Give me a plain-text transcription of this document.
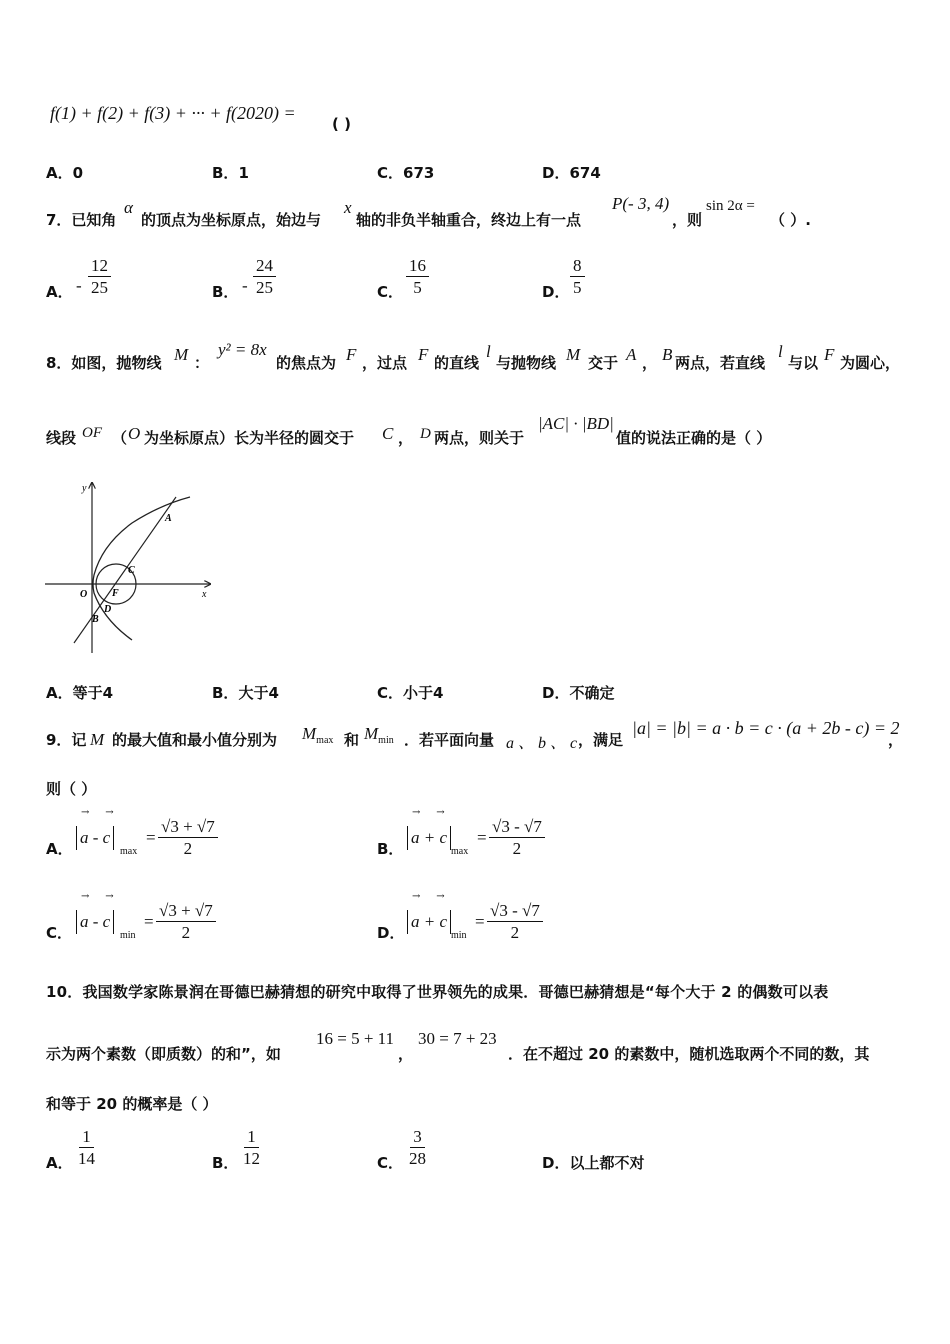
f(1) + f(2) + f(3) + ··· + f(2020) =
( )
A．0	B．1	C．673	D．674
7．已知角
α
的顶点为坐标原点，始边与
x
轴的非负半轴重合，终边上有一点
P(- 3, 4)
，则
sin 2α =
（ ）.
A． - $\frac{12}{25}$	B． - $\frac{24}{25}$	C． $\frac{16}{5}$	D． $\frac{8}{5}$
8．如图，抛物线 M ：
y² = 8x
的焦点为 F ，过点 F 的直线
l
与抛物线 M 交于 A ， B 两点，若直线
l
与以 F 为圆心，
线段 OF （ O 为坐标原点）长为半径的圆交于 C ， D 两点，则关于
|AC| · |BD|
值的说法正确的是（ ）
y
x
O F
A
C
D
B
A．等于4	B．大于4	C．小于4	D．不确定
9．记 M 的最大值和最小值分别为 $M_{max}$ 和 $M_{min}$ ．若平面向量 a 、 b 、 c ，满足
|a| = |b| = a · b = c · (a + 2b - c) = 2
，
则（ ）
A．
→     →
a - c
max
= $\frac{√3 + √7}{2}$	B．
→     →
a + c
max
= $\frac{√3 - √7}{2}$
C．
→     →
a - c
min
= $\frac{√3 + √7}{2}$	D．
→     →
a + c
min
= $\frac{√3 - √7}{2}$
10．我国数学家陈景润在哥德巴赫猜想的研究中取得了世界领先的成果．哥德巴赫猜想是“每个大于 2 的偶数可以表
示为两个素数（即质数）的和”，如
16 = 5 + 11
，
30 = 7 + 23
．在不超过 20 的素数中，随机选取两个不同的数，其
和等于 20 的概率是（ ）
A． $\frac{1}{14}$	B． $\frac{1}{12}$	C． $\frac{3}{28}$	D．以上都不对
